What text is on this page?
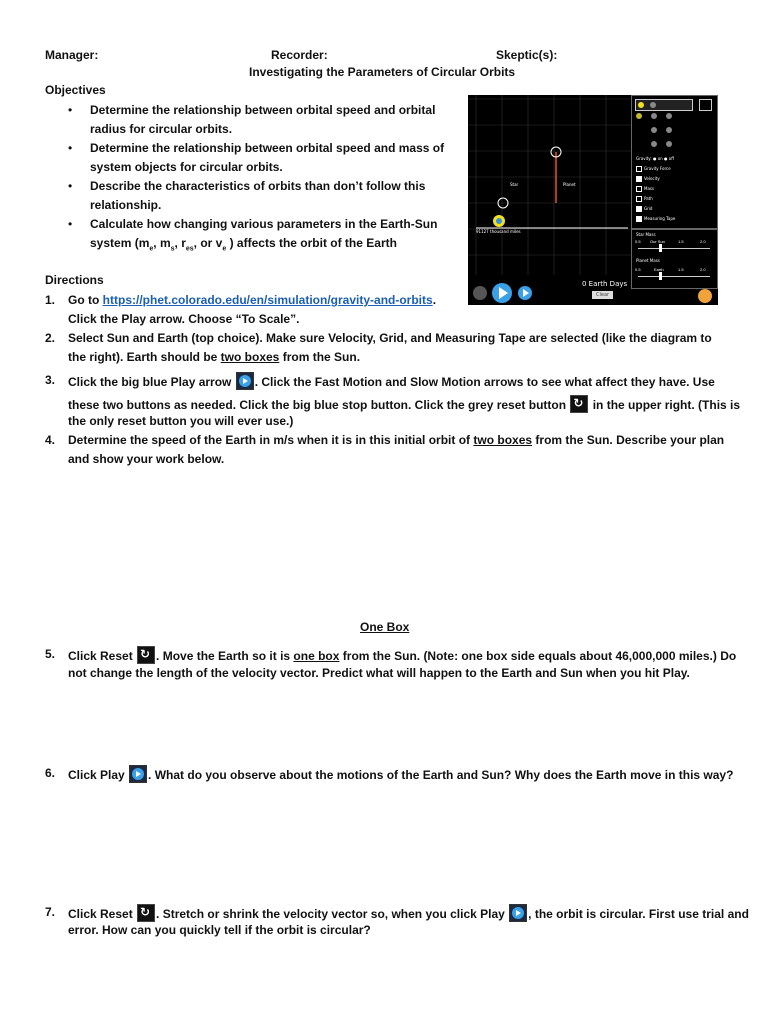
Manager:	Recorder:	Skeptic(s):
Investigating the Parameters of Circular Orbits
Objectives
• Determine the relationship between orbital speed and orbital
radius for circular orbits.
• Determine the relationship between orbital speed and mass of
system objects for circular orbits.
• Describe the characteristics of orbits than don’t follow this
relationship.
• Calculate how changing various parameters in the Earth-Sun
system ($m_e$, $m_s$, $r_{es}$, or $v_e$ ) affects the orbit of the Earth
Star	Planet
91127 thousand miles
0 Earth Days
Clear
Gravity: ● on ● off
Gravity Force
Velocity
Mass
Path
Grid
Measuring Tape
Star Mass
0.5 Our Sun	1.5	2.0
Planet Mass
0.5	Earth	1.5	2.0
Directions
1. Go to https://phet.colorado.edu/en/simulation/gravity-and-orbits.
Click the Play arrow. Choose “To Scale”.
2. Select Sun and Earth (top choice). Make sure Velocity, Grid, and Measuring Tape are selected (like the diagram to
the right). Earth should be two boxes from the Sun.
3. Click the big blue Play arrow . Click the Fast Motion and Slow Motion arrows to see what affect they have. Use
these two buttons as needed. Click the big blue stop button. Click the grey reset button ↻ in the upper right. (This is
the only reset button you will ever use.)
4. Determine the speed of the Earth in m/s when it is in this initial orbit of two boxes from the Sun. Describe your plan
and show your work below.
One Box
5. Click Reset ↻. Move the Earth so it is one box from the Sun. (Note: one box side equals about 46,000,000 miles.) Do
not change the length of the velocity vector. Predict what will happen to the Earth and Sun when you hit Play.
6. Click Play . What do you observe about the motions of the Earth and Sun? Why does the Earth move in this way?
7. Click Reset ↻. Stretch or shrink the velocity vector so, when you click Play , the orbit is circular. First use trial and
error. How can you quickly tell if the orbit is circular?
